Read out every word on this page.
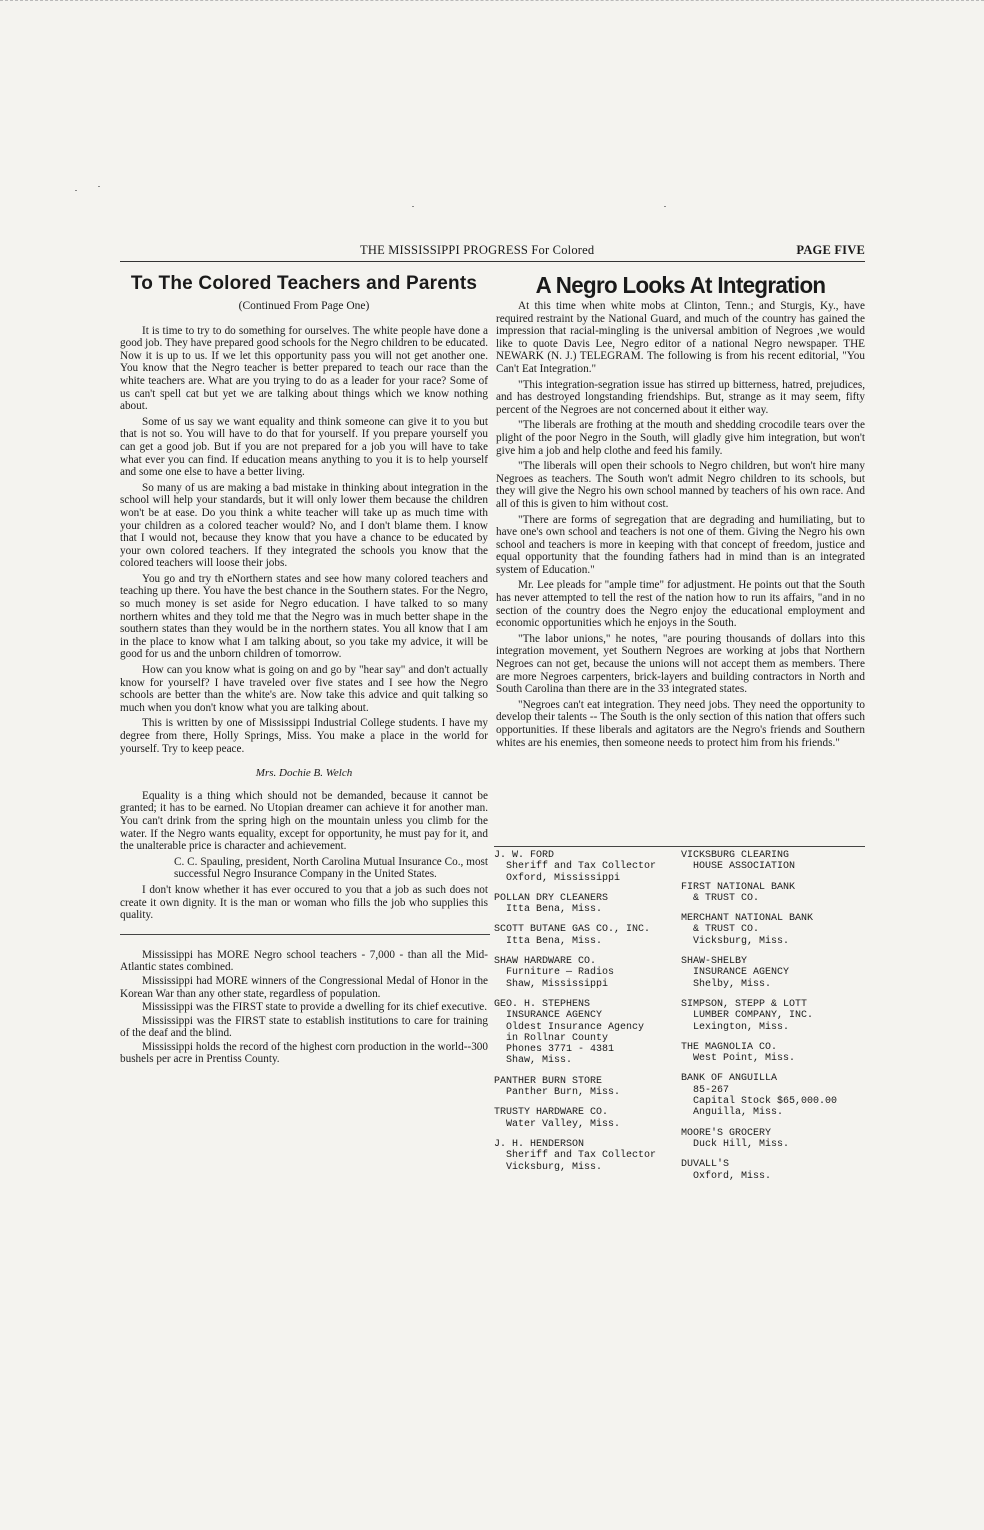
THE MISSISSIPPI PROGRESS For Colored	PAGE FIVE
To The Colored Teachers and Parents
(Continued From Page One)

It is time to try to do something for ourselves. The white people have done a good job. They have prepared good schools for the Negro children to be educated. Now it is up to us. If we let this opportunity pass you will not get another one. You know that the Negro teacher is better prepared to teach our race than the white teachers are. What are you trying to do as a leader for your race? Some of us can't spell cat but yet we are talking about things which we know nothing about.

Some of us say we want equality and think someone can give it to you but that is not so. You will have to do that for yourself. If you prepare yourself you can get a good job. But if you are not prepared for a job you will have to take what ever you can find. If education means anything to you it is to help yourself and some one else to have a better living.

So many of us are making a bad mistake in thinking about integration in the school will help your standards, but it will only lower them because the children won't be at ease. Do you think a white teacher will take up as much time with your children as a colored teacher would? No, and I don't blame them. I know that I would not, because they know that you have a chance to be educated by your own colored teachers. If they integrated the schools you know that the colored teachers will loose their jobs.

You go and try th eNorthern states and see how many colored teachers and teaching up there. You have the best chance in the Southern states. For the Negro, so much money is set aside for Negro education. I have talked to so many northern whites and they told me that the Negro was in much better shape in the southern states than they would be in the northern states. You all know that I am in the place to know what I am talking about, so you take my advice, it will be good for us and the unborn children of tomorrow.

How can you know what is going on and go by "hear say" and don't actually know for yourself? I have traveled over five states and I see how the Negro schools are better than the white's are. Now take this advice and quit talking so much when you don't know what you are talking about.

This is written by one of Mississippi Industrial College students. I have my degree from there, Holly Springs, Miss. You make a place in the world for yourself. Try to keep peace.

Mrs. Dochie B. Welch

Equality is a thing which should not be demanded, because it cannot be granted; it has to be earned. No Utopian dreamer can achieve it for another man. You can't drink from the spring high on the mountain unless you climb for the water. If the Negro wants equality, except for opportunity, he must pay for it, and the unalterable price is character and achievement.

C. C. Spauling, president, North Carolina Mutual Insurance Co., most successful Negro Insurance Company in the United States.

I don't know whether it has ever occured to you that a job as such does not create it own dignity. It is the man or woman who fills the job who supplies this quality.

Mississippi has MORE Negro school teachers - 7,000 - than all the Mid-Atlantic states combined.

Mississippi had MORE winners of the Congressional Medal of Honor in the Korean War than any other state, regardless of population.

Mississippi was the FIRST state to provide a dwelling for its chief executive.

Mississippi was the FIRST state to establish institutions to care for training of the deaf and the blind.

Mississippi holds the record of the highest corn production in the world--300 bushels per acre in Prentiss County.

A Negro Looks At Integration

At this time when white mobs at Clinton, Tenn.; and Sturgis, Ky., have required restraint by the National Guard, and much of the country has gained the impression that racial-mingling is the universal ambition of Negroes ,we would like to quote Davis Lee, Negro editor of a national Negro newspaper. THE NEWARK (N. J.) TELEGRAM. The following is from his recent editorial, "You Can't Eat Integration."

"This integration-segration issue has stirred up bitterness, hatred, prejudices, and has destroyed longstanding friendships. But, strange as it may seem, fifty percent of the Negroes are not concerned about it either way.

"The liberals are frothing at the mouth and shedding crocodile tears over the plight of the poor Negro in the South, will gladly give him integration, but won't give him a job and help clothe and feed his family.

"The liberals will open their schools to Negro children, but won't hire many Negroes as teachers. The South won't admit Negro children to its schools, but they will give the Negro his own school manned by teachers of his own race. And all of this is given to him without cost.

"There are forms of segregation that are degrading and humiliating, but to have one's own school and teachers is not one of them. Giving the Negro his own school and teachers is more in keeping with that concept of freedom, justice and equal opportunity that the founding fathers had in mind than is an integrated system of Education."

Mr. Lee pleads for "ample time" for adjustment. He points out that the South has never attempted to tell the rest of the nation how to run its affairs, "and in no section of the country does the Negro enjoy the educational employment and economic opportunities which he enjoys in the South.

"The labor unions," he notes, "are pouring thousands of dollars into this integration movement, yet Southern Negroes are working at jobs that Northern Negroes can not get, because the unions will not accept them as members. There are more Negroes carpenters, brick-layers and building contractors in North and South Carolina than there are in the 33 integrated states.

"Negroes can't eat integration. They need jobs. They need the opportunity to develop their talents -- The South is the only section of this nation that offers such opportunities. If these liberals and agitators are the Negro's friends and Southern whites are his enemies, then someone needs to protect him from his friends."

J. W. FORD
Sheriff and Tax Collector
Oxford, Mississippi
POLLAN DRY CLEANERS
Itta Bena, Miss.
SCOTT BUTANE GAS CO., INC.
Itta Bena, Miss.
SHAW HARDWARE CO.
Furniture — Radios
Shaw, Mississippi
GEO. H. STEPHENS
INSURANCE AGENCY
Oldest Insurance Agency
in Rollnar County
Phones 3771 - 4381
Shaw, Miss.
PANTHER BURN STORE
Panther Burn, Miss.
TRUSTY HARDWARE CO.
Water Valley, Miss.
J. H. HENDERSON
Sheriff and Tax Collector
Vicksburg, Miss.
VICKSBURG CLEARING
HOUSE ASSOCIATION
FIRST NATIONAL BANK
& TRUST CO.
MERCHANT NATIONAL BANK
& TRUST CO.
Vicksburg, Miss.
SHAW-SHELBY
INSURANCE AGENCY
Shelby, Miss.
SIMPSON, STEPP & LOTT
LUMBER COMPANY, INC.
Lexington, Miss.
THE MAGNOLIA CO.
West Point, Miss.
BANK OF ANGUILLA
85-267
Capital Stock $65,000.00
Anguilla, Miss.
MOORE'S GROCERY
Duck Hill, Miss.
DUVALL'S
Oxford, Miss.
